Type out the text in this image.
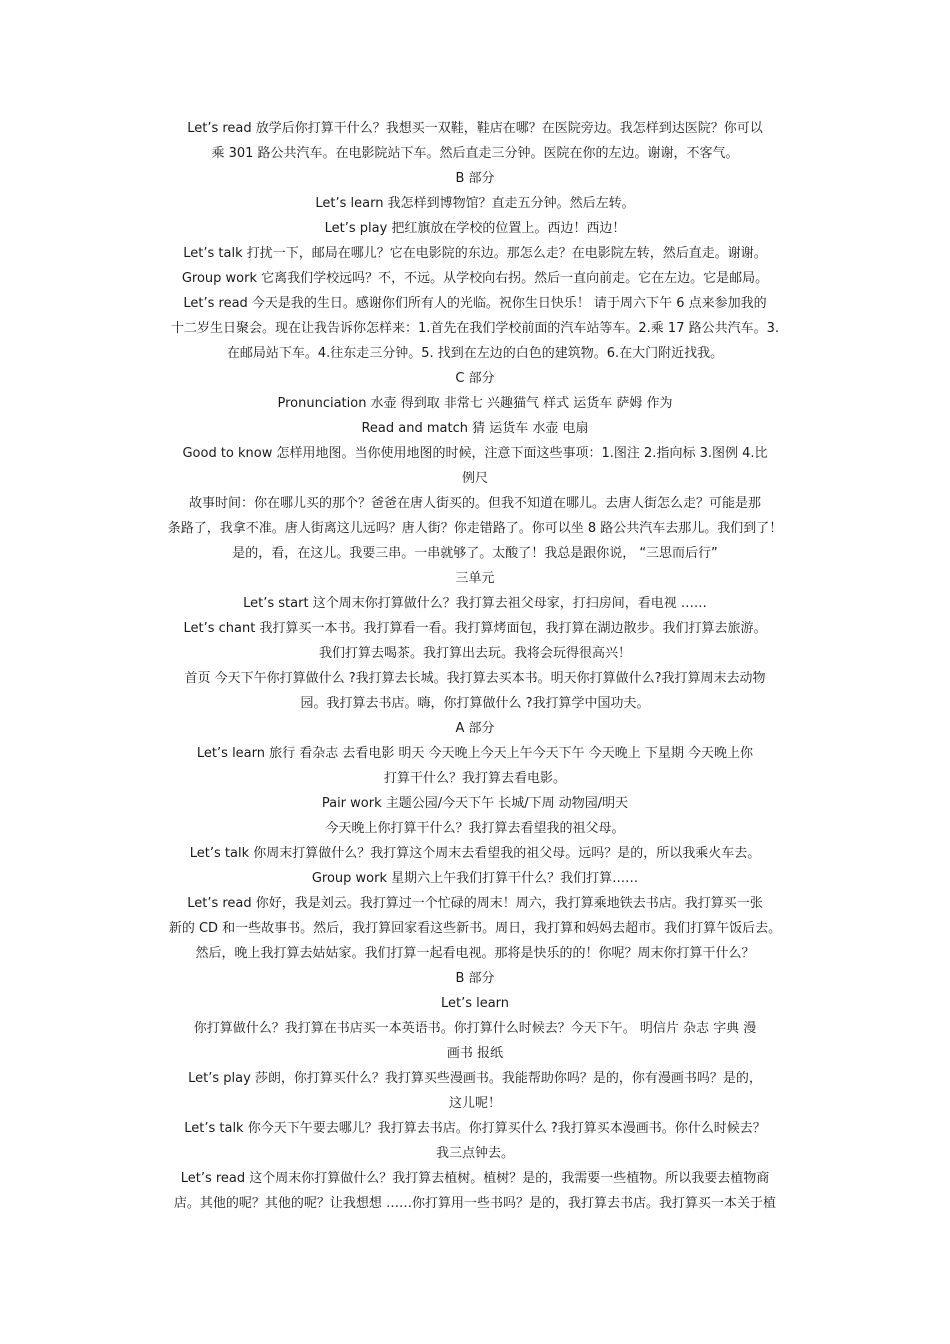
Let’s read 放学后你打算干什么？我想买一双鞋，鞋店在哪？在医院旁边。我怎样到达医院？你可以

乘 301 路公共汽车。在电影院站下车。然后直走三分钟。医院在你的左边。谢谢，不客气。

B 部分

Let’s learn 我怎样到博物馆？直走五分钟。然后左转。

Let’s play 把红旗放在学校的位置上。西边！西边！

Let’s talk 打扰一下，邮局在哪儿？它在电影院的东边。那怎么走？在电影院左转，然后直走。谢谢。

Group work 它离我们学校远吗？不，不远。从学校向右拐。然后一直向前走。它在左边。它是邮局。

Let’s read 今天是我的生日。感谢你们所有人的光临。祝你生日快乐！ 请于周六下午 6 点来参加我的

十二岁生日聚会。现在让我告诉你怎样来：1.首先在我们学校前面的汽车站等车。2.乘 17 路公共汽车。3.

在邮局站下车。4.往东走三分钟。5. 找到在左边的白色的建筑物。6.在大门附近找我。

C 部分

Pronunciation 水壶 得到取 非常七 兴趣猫气 样式 运货车 萨姆 作为

Read and match 猜 运货车 水壶 电扇

Good to know 怎样用地图。当你使用地图的时候，注意下面这些事项：1.图注 2.指向标 3.图例 4.比

例尺

故事时间：你在哪儿买的那个？爸爸在唐人街买的。但我不知道在哪儿。去唐人街怎么走？可能是那

条路了，我拿不准。唐人街离这儿远吗？唐人街？你走错路了。你可以坐 8 路公共汽车去那儿。我们到了！

是的，看，在这儿。我要三串。一串就够了。太酸了！我总是跟你说， “三思而后行”

三单元

Let’s start 这个周末你打算做什么？我打算去祖父母家，打扫房间，看电视 ……

Let’s chant 我打算买一本书。我打算看一看。我打算烤面包，我打算在湖边散步。我们打算去旅游。

我们打算去喝茶。我打算出去玩。我将会玩得很高兴！

首页 今天下午你打算做什么 ?我打算去长城。我打算去买本书。明天你打算做什么?我打算周末去动物

园。我打算去书店。嗨，你打算做什么 ?我打算学中国功夫。

A 部分

Let’s learn 旅行 看杂志 去看电影 明天 今天晚上今天上午今天下午 今天晚上 下星期 今天晚上你

打算干什么？我打算去看电影。

Pair work 主题公园/今天下午 长城/下周 动物园/明天

今天晚上你打算干什么？我打算去看望我的祖父母。

Let’s talk 你周末打算做什么？我打算这个周末去看望我的祖父母。远吗？是的，所以我乘火车去。

Group work 星期六上午我们打算干什么？我们打算……

Let’s read 你好，我是刘云。我打算过一个忙碌的周末！周六，我打算乘地铁去书店。我打算买一张

新的 CD 和一些故事书。然后，我打算回家看这些新书。周日，我打算和妈妈去超市。我们打算午饭后去。

然后，晚上我打算去姑姑家。我们打算一起看电视。那将是快乐的的！你呢？周末你打算干什么？

B 部分

Let’s learn

你打算做什么？我打算在书店买一本英语书。你打算什么时候去？今天下午。 明信片 杂志 字典 漫

画书 报纸

Let’s play 莎朗，你打算买什么？我打算买些漫画书。我能帮助你吗？是的，你有漫画书吗？是的，

这儿呢！

Let’s talk 你今天下午要去哪儿？我打算去书店。你打算买什么 ?我打算买本漫画书。你什么时候去？

我三点钟去。

Let’s read 这个周末你打算做什么？我打算去植树。植树？是的，我需要一些植物。所以我要去植物商

店。其他的呢？其他的呢？让我想想 ……你打算用一些书吗？是的，我打算去书店。我打算买一本关于植
